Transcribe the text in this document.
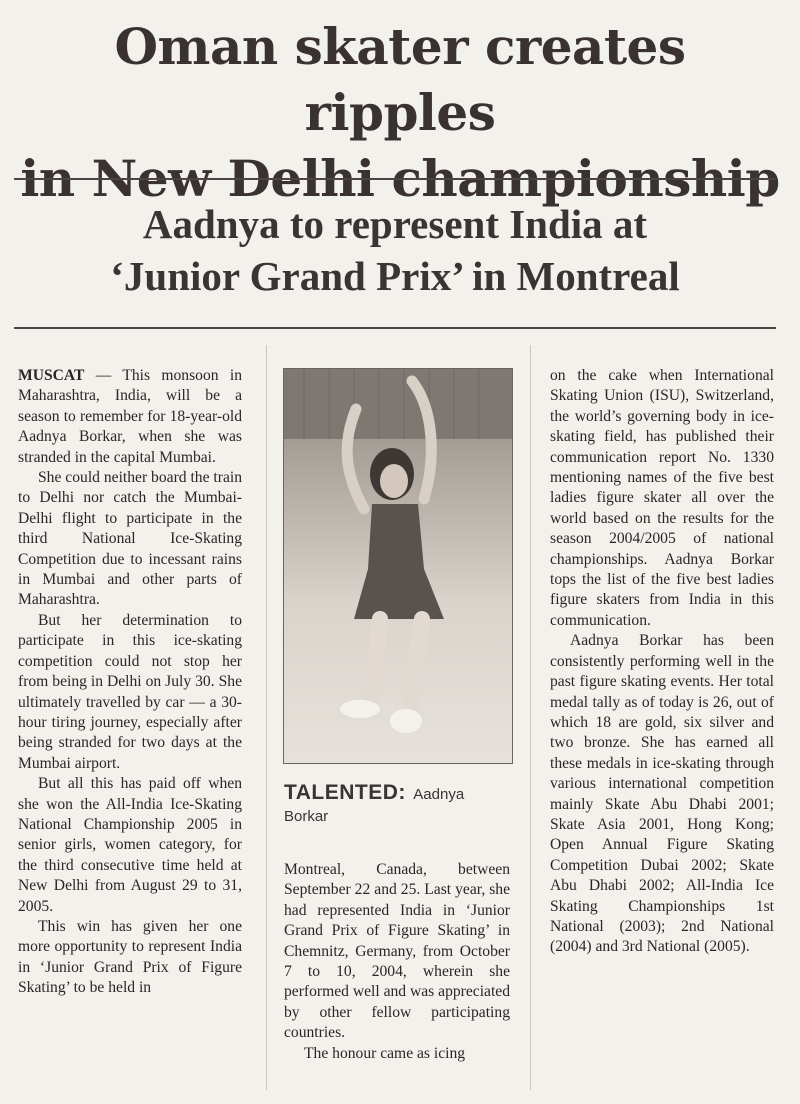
Oman skater creates ripples
in New Delhi championship
Aadnya to represent India at
‘Junior Grand Prix’ in Montreal

MUSCAT — This monsoon in Maharashtra, India, will be a season to remember for 18-year-old Aadnya Borkar, when she was stranded in the capital Mumbai.

She could neither board the train to Delhi nor catch the Mumbai-Delhi flight to participate in the third National Ice-Skating Competition due to incessant rains in Mumbai and other parts of Maharashtra.

But her determination to participate in this ice-skating competition could not stop her from being in Delhi on July 30. She ultimately travelled by car — a 30-hour tiring journey, especially after being stranded for two days at the Mumbai airport.

But all this has paid off when she won the All-India Ice-Skating National Championship 2005 in senior girls, women category, for the third consecutive time held at New Delhi from August 29 to 31, 2005.

This win has given her one more opportunity to represent India in ‘Junior Grand Prix of Figure Skating’ to be held in

TALENTED: Aadnya Borkar

Montreal, Canada, between September 22 and 25. Last year, she had represented India in ‘Junior Grand Prix of Figure Skating’ in Chemnitz, Germany, from October 7 to 10, 2004, wherein she performed well and was appreciated by other fellow participating countries.

The honour came as icing

on the cake when International Skating Union (ISU), Switzerland, the world’s governing body in ice-skating field, has published their communication report No. 1330 mentioning names of the five best ladies figure skater all over the world based on the results for the season 2004/2005 of national championships. Aadnya Borkar tops the list of the five best ladies figure skaters from India in this communication.

Aadnya Borkar has been consistently performing well in the past figure skating events. Her total medal tally as of today is 26, out of which 18 are gold, six silver and two bronze. She has earned all these medals in ice-skating through various international competition mainly Skate Abu Dhabi 2001; Skate Asia 2001, Hong Kong; Open Annual Figure Skating Competition Dubai 2002; Skate Abu Dhabi 2002; All-India Ice Skating Championships 1st National (2003); 2nd National (2004) and 3rd National (2005).
